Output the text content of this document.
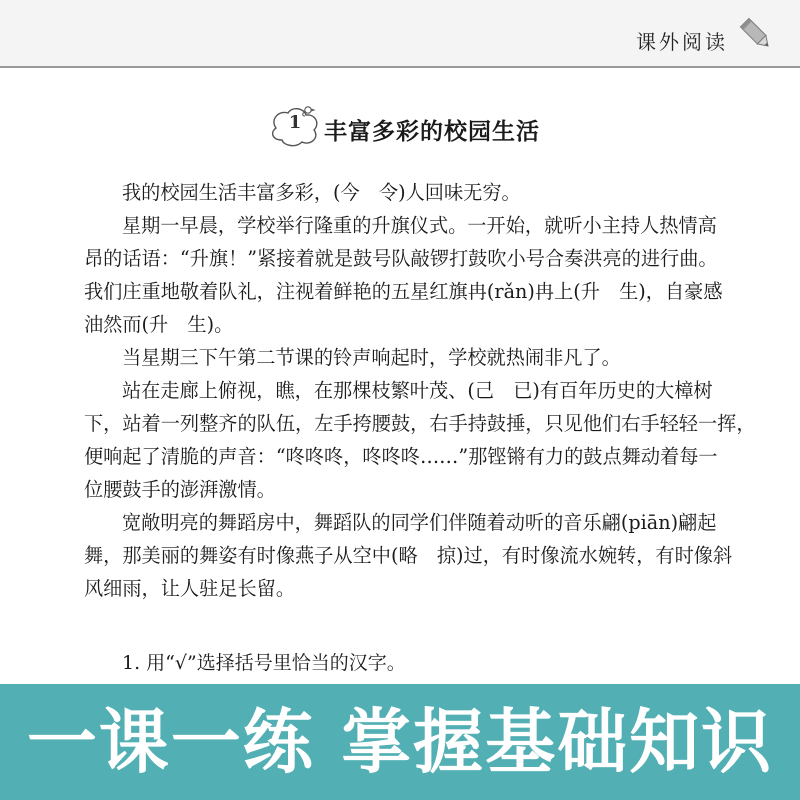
课外阅读
1 丰富多彩的校园生活
我的校园生活丰富多彩，(今　令)人回味无穷。
星期一早晨，学校举行隆重的升旗仪式。一开始，就听小主持人热情高
昂的话语：“升旗！”紧接着就是鼓号队敲锣打鼓吹小号合奏洪亮的进行曲。
我们庄重地敬着队礼，注视着鲜艳的五星红旗冉(rǎn)冉上(升　生)，自豪感
油然而(升　生)。
当星期三下午第二节课的铃声响起时，学校就热闹非凡了。
站在走廊上俯视，瞧，在那棵枝繁叶茂、(己　已)有百年历史的大樟树
下，站着一列整齐的队伍，左手挎腰鼓，右手持鼓捶，只见他们右手轻轻一挥，
便响起了清脆的声音：“咚咚咚，咚咚咚……”那铿锵有力的鼓点舞动着每一
位腰鼓手的澎湃激情。
宽敞明亮的舞蹈房中，舞蹈队的同学们伴随着动听的音乐翩(piān)翩起
舞，那美丽的舞姿有时像燕子从空中(略　掠)过，有时像流水婉转，有时像斜
风细雨，让人驻足长留。
1. 用“√”选择括号里恰当的汉字。
一课一练 掌握基础知识
